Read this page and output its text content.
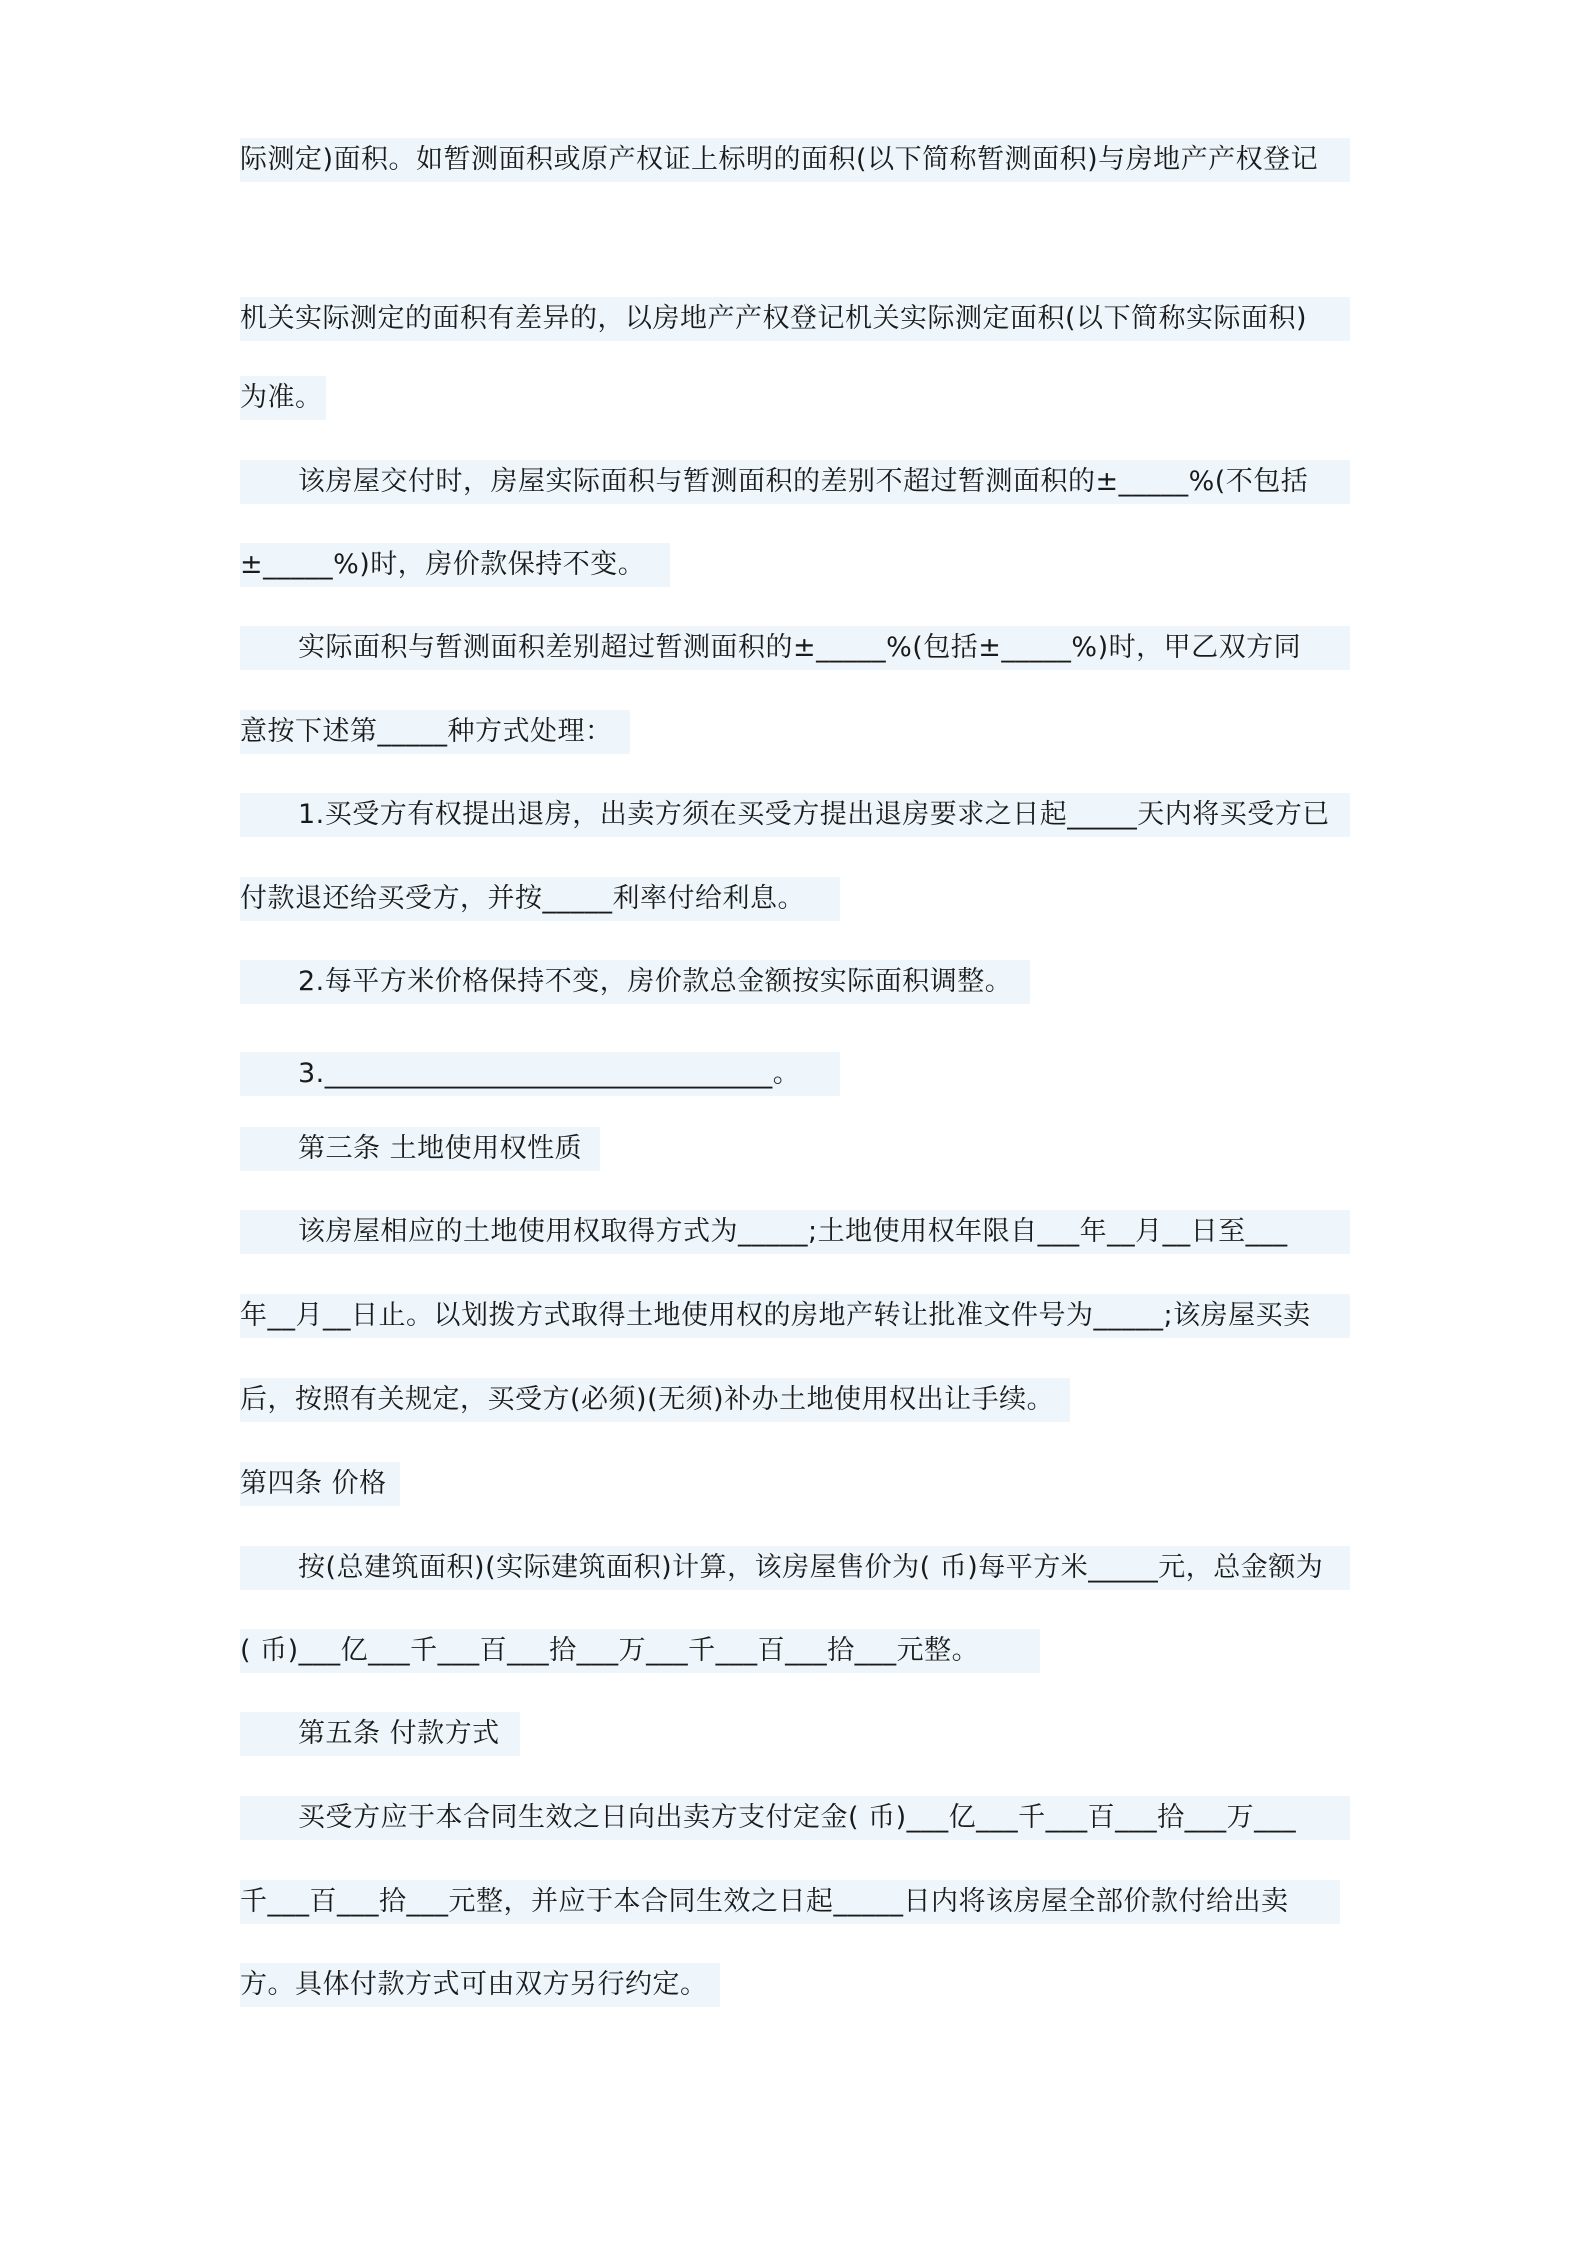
际测定)面积。如暂测面积或原产权证上标明的面积(以下简称暂测面积)与房地产产权登记
机关实际测定的面积有差异的，以房地产产权登记机关实际测定面积(以下简称实际面积)
为准。
该房屋交付时，房屋实际面积与暂测面积的差别不超过暂测面积的±_____%(不包括
±_____%)时，房价款保持不变。
实际面积与暂测面积差别超过暂测面积的±_____%(包括±_____%)时，甲乙双方同
意按下述第_____种方式处理：
1.买受方有权提出退房，出卖方须在买受方提出退房要求之日起_____天内将买受方已
付款退还给买受方，并按_____利率付给利息。
2.每平方米价格保持不变，房价款总金额按实际面积调整。
3.________________________________。
第三条 土地使用权性质
该房屋相应的土地使用权取得方式为_____;土地使用权年限自___年__月__日至___
年__月__日止。以划拨方式取得土地使用权的房地产转让批准文件号为_____;该房屋买卖
后，按照有关规定，买受方(必须)(无须)补办土地使用权出让手续。
第四条 价格
按(总建筑面积)(实际建筑面积)计算，该房屋售价为( 币)每平方米_____元，总金额为
( 币)___亿___千___百___拾___万___千___百___拾___元整。
第五条 付款方式
买受方应于本合同生效之日向出卖方支付定金( 币)___亿___千___百___拾___万___
千___百___拾___元整，并应于本合同生效之日起_____日内将该房屋全部价款付给出卖
方。具体付款方式可由双方另行约定。
